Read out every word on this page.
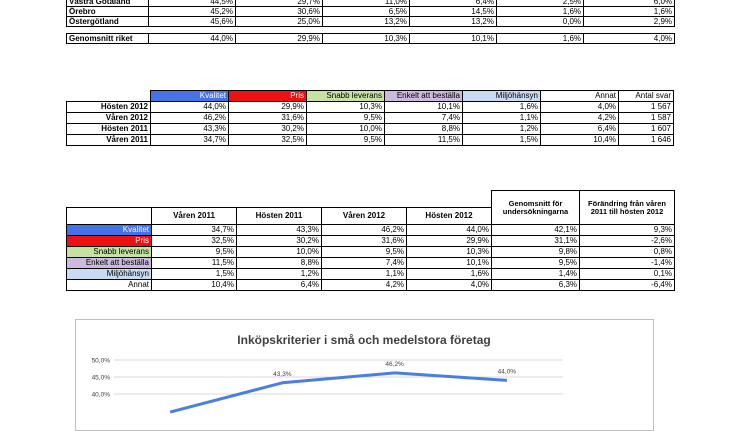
Västra Götaland	44,5%	29,7%	11,0%	6,4%	2,5%	6,0%
Örebro	45,2%	30,6%	6,5%	14,5%	1,6%	1,6%
Östergötland	45,6%	25,0%	13,2%	13,2%	0,0%	2,9%

Genomsnitt riket	44,0%	29,9%	10,3%	10,1%	1,6%	4,0%
	Kvalitet	Pris	Snabb leverans	Enkelt att beställa	Miljöhänsyn	Annat	Antal svar
Hösten 2012	44,0%	29,9%	10,3%	10,1%	1,6%	4,0%	1 567
Våren 2012	46,2%	31,6%	9,5%	7,4%	1,1%	4,2%	1 587
Hösten 2011	43,3%	30,2%	10,0%	8,8%	1,2%	6,4%	1 607
Våren 2011	34,7%	32,5%	9,5%	11,5%	1,5%	10,4%	1 646
					Genomsnitt för undersökningarna	Förändring från våren 2011 till hösten 2012
	Våren 2011	Hösten 2011	Våren 2012	Hösten 2012		
Kvalitet	34,7%	43,3%	46,2%	44,0%	42,1%	9,3%
Pris	32,5%	30,2%	31,6%	29,9%	31,1%	-2,6%
Snabb leverans	9,5%	10,0%	9,5%	10,3%	9,8%	0,8%
Enkelt att beställa	11,5%	8,8%	7,4%	10,1%	9,5%	-1,4%
Miljöhänsyn	1,5%	1,2%	1,1%	1,6%	1,4%	0,1%
Annat	10,4%	6,4%	4,2%	4,0%	6,3%	-6,4%
Inköpskriterier i små och medelstora företag
50,0%
45,0%
40,0%
43,3%
46,2%
44,0%
